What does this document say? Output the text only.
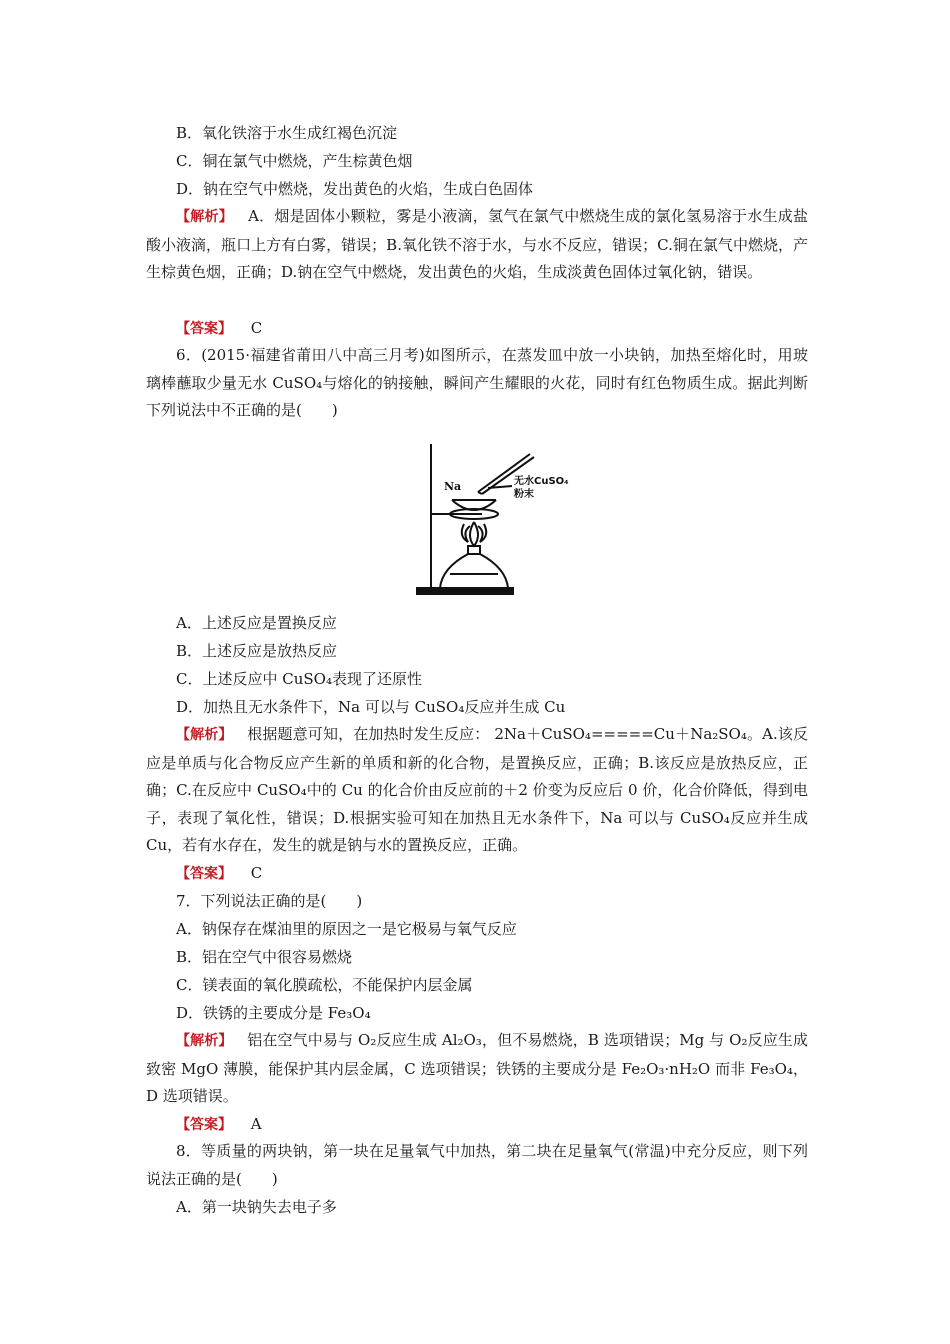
B．氧化铁溶于水生成红褐色沉淀
C．铜在氯气中燃烧，产生棕黄色烟
D．钠在空气中燃烧，发出黄色的火焰，生成白色固体
【解析】 A．烟是固体小颗粒，雾是小液滴，氢气在氯气中燃烧生成的氯化氢易溶于水生成盐酸小液滴，瓶口上方有白雾，错误；B.氧化铁不溶于水，与水不反应，错误；C.铜在氯气中燃烧，产生棕黄色烟，正确；D.钠在空气中燃烧，发出黄色的火焰，生成淡黄色固体过氧化钠，错误。
【答案】 C
6．(2015·福建省莆田八中高三月考)如图所示，在蒸发皿中放一小块钠，加热至熔化时，用玻璃棒蘸取少量无水 CuSO₄与熔化的钠接触，瞬间产生耀眼的火花，同时有红色物质生成。据此判断下列说法中不正确的是(　　)
Na	无水CuSO₄
粉末
A．上述反应是置换反应
B．上述反应是放热反应
C．上述反应中 CuSO₄表现了还原性
D．加热且无水条件下，Na 可以与 CuSO₄反应并生成 Cu
【解析】 根据题意可知，在加热时发生反应： 2Na＋CuSO₄=====Cu＋Na₂SO₄。A.该反应是单质与化合物反应产生新的单质和新的化合物，是置换反应，正确；B.该反应是放热反应，正确；C.在反应中 CuSO₄中的 Cu 的化合价由反应前的＋2 价变为反应后 0 价，化合价降低，得到电子，表现了氧化性，错误；D.根据实验可知在加热且无水条件下，Na 可以与 CuSO₄反应并生成 Cu，若有水存在，发生的就是钠与水的置换反应，正确。
【答案】 C
7．下列说法正确的是(　　)
A．钠保存在煤油里的原因之一是它极易与氧气反应
B．铝在空气中很容易燃烧
C．镁表面的氧化膜疏松，不能保护内层金属
D．铁锈的主要成分是 Fe₃O₄
【解析】 铝在空气中易与 O₂反应生成 Al₂O₃，但不易燃烧，B 选项错误；Mg 与 O₂反应生成致密 MgO 薄膜，能保护其内层金属，C 选项错误；铁锈的主要成分是 Fe₂O₃·nH₂O 而非 Fe₃O₄，D 选项错误。
【答案】 A
8．等质量的两块钠，第一块在足量氧气中加热，第二块在足量氧气(常温)中充分反应，则下列说法正确的是(　　)
A．第一块钠失去电子多
